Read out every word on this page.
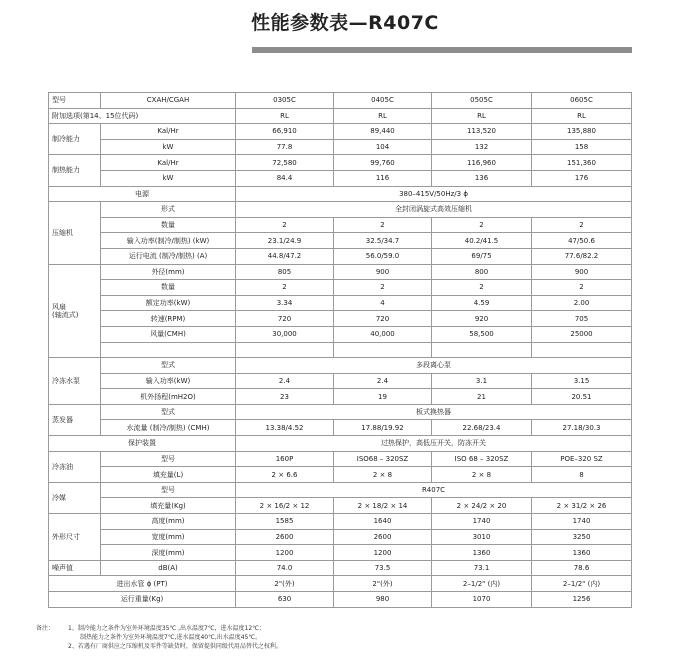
性能参数表—R407C
型号	CXAH/CGAH	0305C	0405C	0505C	0605C
附加选项(第14、15位代码)		RL	RL	RL	RL
制冷能力	Kal/Hr	66,910	89,440	113,520	135,880
	kW	77.8	104	132	158
制热能力	Kal/Hr	72,580	99,760	116,960	151,360
	kW	84.4	116	136	176
电源		380–415V/50Hz/3 ϕ			
压缩机	形式	全封闭涡旋式高效压缩机			
	数量	2	2	2	2
	输入功率(制冷/制热) (kW)	23.1/24.9	32.5/34.7	40.2/41.5	47/50.6
	运行电流 (制冷/制热) (A)	44.8/47.2	56.0/59.0	69/75	77.6/82.2
风扇
(轴流式)	外径(mm)	805	900	800	900
	数量	2	2	2	2
	额定功率(kW)	3.34	4	4.59	2.00
	转速(RPM)	720	720	920	705
	风量(CMH)	30,000	40,000	58,500	25000

冷冻水泵	型式	多段离心泵			
	输入功率(kW)	2.4	2.4	3.1	3.15
	机外扬程(mH2O)	23	19	21	20.51
蒸发器	型式	板式换热器			
	水流量 (制冷/制热) (CMH)	13.38/4.52	17.88/19.92	22.68/23.4	27.18/30.3
保护装置		过热保护，高低压开关，防冻开关			
冷冻油	型号	160P	ISO68 – 320SZ	ISO 68 – 320SZ	POE–320 SZ
	填充量(L)	2 × 6.6	2 × 8	2 × 8	8
冷媒	型号	R407C			
	填充量(Kg)	2 × 16/2 × 12	2 × 18/2 × 14	2 × 24/2 × 20	2 × 31/2 × 26
外形尺寸	高度(mm)	1585	1640	1740	1740
	宽度(mm)	2600	2600	3010	3250
	深度(mm)	1200	1200	1360	1360
噪声值	dB(A)	74.0	73.5	73.1	78.6
进出水管 ϕ (PT)		2"(外)	2"(外)	2–1/2" (内)	2–1/2" (内)
运行重量(Kg)		630	980	1070	1256
备注： 1、制冷能力之条件为室外环境温度35℃ ,出水温度7℃，进水温度12℃；
制热能力之条件为室外环境温度7℃,进水温度40℃,出水温度45℃。
2、若遇有厂商供应之压缩机及零件等缺货时，保留提供同级代用品替代之权利。
